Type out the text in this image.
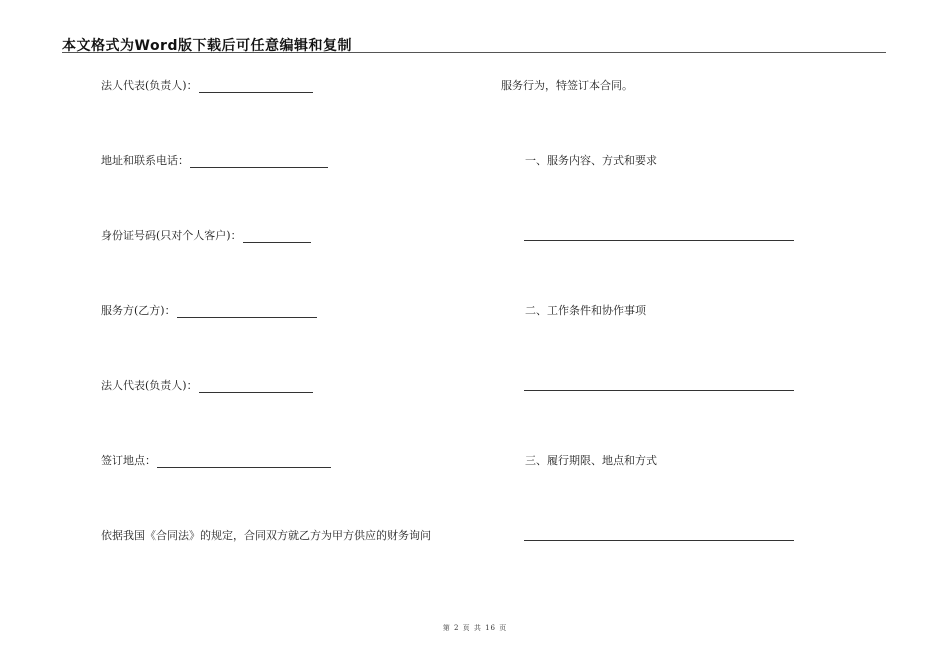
本文格式为Word版下载后可任意编辑和复制
法人代表(负责人)：
地址和联系电话：
身份证号码(只对个人客户)：
服务方(乙方)：
法人代表(负责人)：
签订地点：
依据我国《合同法》的规定，合同双方就乙方为甲方供应的财务询问
服务行为，特签订本合同。
一、服务内容、方式和要求
二、工作条件和协作事项
三、履行期限、地点和方式
第 2 页 共 16 页
